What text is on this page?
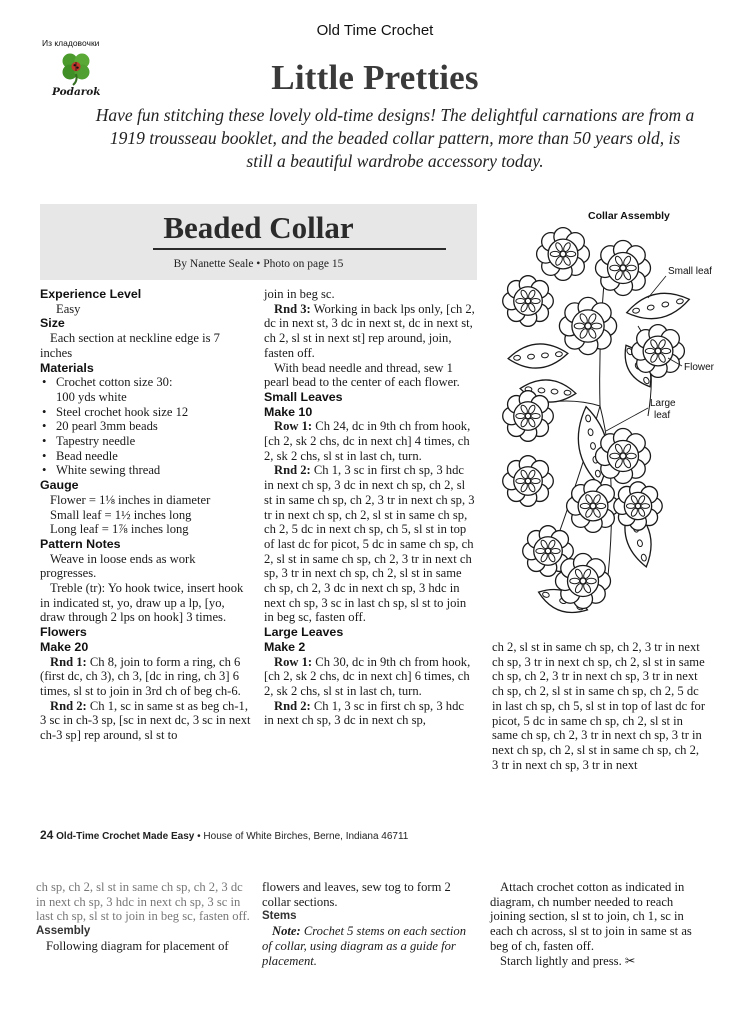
Old Time Crochet
Из кладовочки
Podarok	Little Pretties
Have fun stitching these lovely old-time designs! The delightful carnations are from a 1919 trousseau booklet, and the beaded collar pattern, more than 50 years old, is still a beautiful wardrobe accessory today.
Beaded Collar
By Nanette Seale • Photo on page 15

Experience Level

Easy

Size

Each section at neckline edge is 7 inches

Materials

• Crochet cotton size 30:

100 yds white

• Steel crochet hook size 12

• 20 pearl 3mm beads

• Tapestry needle

• Bead needle

• White sewing thread

Gauge

Flower = 1⅛ inches in diameter

Small leaf = 1½ inches long

Long leaf = 1⅞ inches long

Pattern Notes

Weave in loose ends as work progresses.

Treble (tr): Yo hook twice, insert hook in indicated st, yo, draw up a lp, [yo, draw through 2 lps on hook] 3 times.

Flowers

Make 20

Rnd 1: Ch 8, join to form a ring, ch 6 (first dc, ch 3), ch 3, [dc in ring, ch 3] 6 times, sl st to join in 3rd ch of beg ch-6.

Rnd 2: Ch 1, sc in same st as beg ch-1, 3 sc in ch-3 sp, [sc in next dc, 3 sc in next ch-3 sp] rep around, sl st to

join in beg sc.

Rnd 3: Working in back lps only, [ch 2, dc in next st, 3 dc in next st, dc in next st, ch 2, sl st in next st] rep around, join, fasten off.

With bead needle and thread, sew 1 pearl bead to the center of each flower.

Small Leaves

Make 10

Row 1: Ch 24, dc in 9th ch from hook, [ch 2, sk 2 chs, dc in next ch] 4 times, ch 2, sk 2 chs, sl st in last ch, turn.

Rnd 2: Ch 1, 3 sc in first ch sp, 3 hdc in next ch sp, 3 dc in next ch sp, ch 2, sl st in same ch sp, ch 2, 3 tr in next ch sp, 3 tr in next ch sp, ch 2, sl st in same ch sp, ch 2, 5 dc in next ch sp, ch 5, sl st in top of last dc for picot, 5 dc in same ch sp, ch 2, sl st in same ch sp, ch 2, 3 tr in next ch sp, 3 tr in next ch sp, ch 2, sl st in same ch sp, ch 2, 3 dc in next ch sp, 3 hdc in next ch sp, 3 sc in last ch sp, sl st to join in beg sc, fasten off.

Large Leaves

Make 2

Row 1: Ch 30, dc in 9th ch from hook, [ch 2, sk 2 chs, dc in next ch] 6 times, ch 2, sk 2 chs, sl st in last ch, turn.

Rnd 2: Ch 1, 3 sc in first ch sp, 3 hdc in next ch sp, 3 dc in next ch sp,

Collar Assembly
Small leaf
Flower
Large
leaf

ch 2, sl st in same ch sp, ch 2, 3 tr in next ch sp, 3 tr in next ch sp, ch 2, sl st in same ch sp, ch 2, 3 tr in next ch sp, 3 tr in next ch sp, ch 2, sl st in same ch sp, ch 2, 5 dc in last ch sp, ch 5, sl st in top of last dc for picot, 5 dc in same ch sp, ch 2, sl st in same ch sp, ch 2, 3 tr in next ch sp, 3 tr in next ch sp, ch 2, sl st in same ch sp, ch 2, 3 tr in next ch sp, 3 tr in next

24 Old-Time Crochet Made Easy • House of White Birches, Berne, Indiana 46711

ch sp, ch 2, sl st in same ch sp, ch 2, 3 dc in next ch sp, 3 hdc in next ch sp, 3 sc in last ch sp, sl st to join in beg sc, fasten off.

Assembly

Following diagram for placement of

flowers and leaves, sew tog to form 2 collar sections.

Stems

Note: Crochet 5 stems on each section of collar, using diagram as a guide for placement.

Attach crochet cotton as indicated in diagram, ch number needed to reach joining section, sl st to join, ch 1, sc in each ch across, sl st to join in same st as beg of ch, fasten off.

Starch lightly and press. ✂
